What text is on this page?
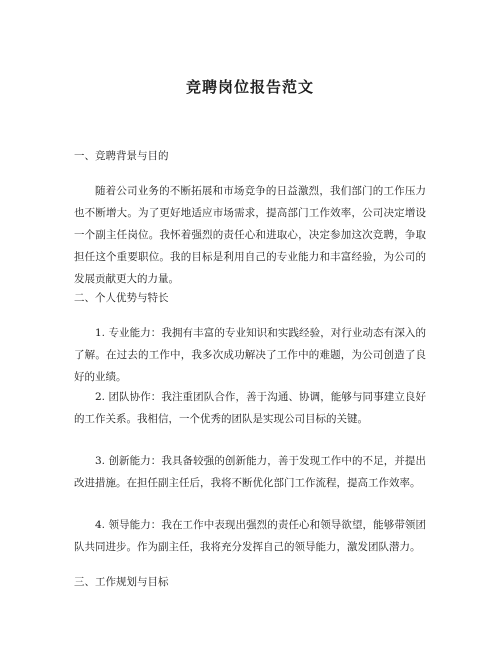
竞聘岗位报告范文

一、竞聘背景与目的

随着公司业务的不断拓展和市场竞争的日益激烈，我们部门的工作压力也不断增大。为了更好地适应市场需求，提高部门工作效率，公司决定增设一个副主任岗位。我怀着强烈的责任心和进取心，决定参加这次竞聘，争取担任这个重要职位。我的目标是利用自己的专业能力和丰富经验，为公司的发展贡献更大的力量。

二、个人优势与特长

1. 专业能力：我拥有丰富的专业知识和实践经验，对行业动态有深入的了解。在过去的工作中，我多次成功解决了工作中的难题，为公司创造了良好的业绩。

2. 团队协作：我注重团队合作，善于沟通、协调，能够与同事建立良好的工作关系。我相信，一个优秀的团队是实现公司目标的关键。

3. 创新能力：我具备较强的创新能力，善于发现工作中的不足，并提出改进措施。在担任副主任后，我将不断优化部门工作流程，提高工作效率。

4. 领导能力：我在工作中表现出强烈的责任心和领导欲望，能够带领团队共同进步。作为副主任，我将充分发挥自己的领导能力，激发团队潜力。

三、工作规划与目标
